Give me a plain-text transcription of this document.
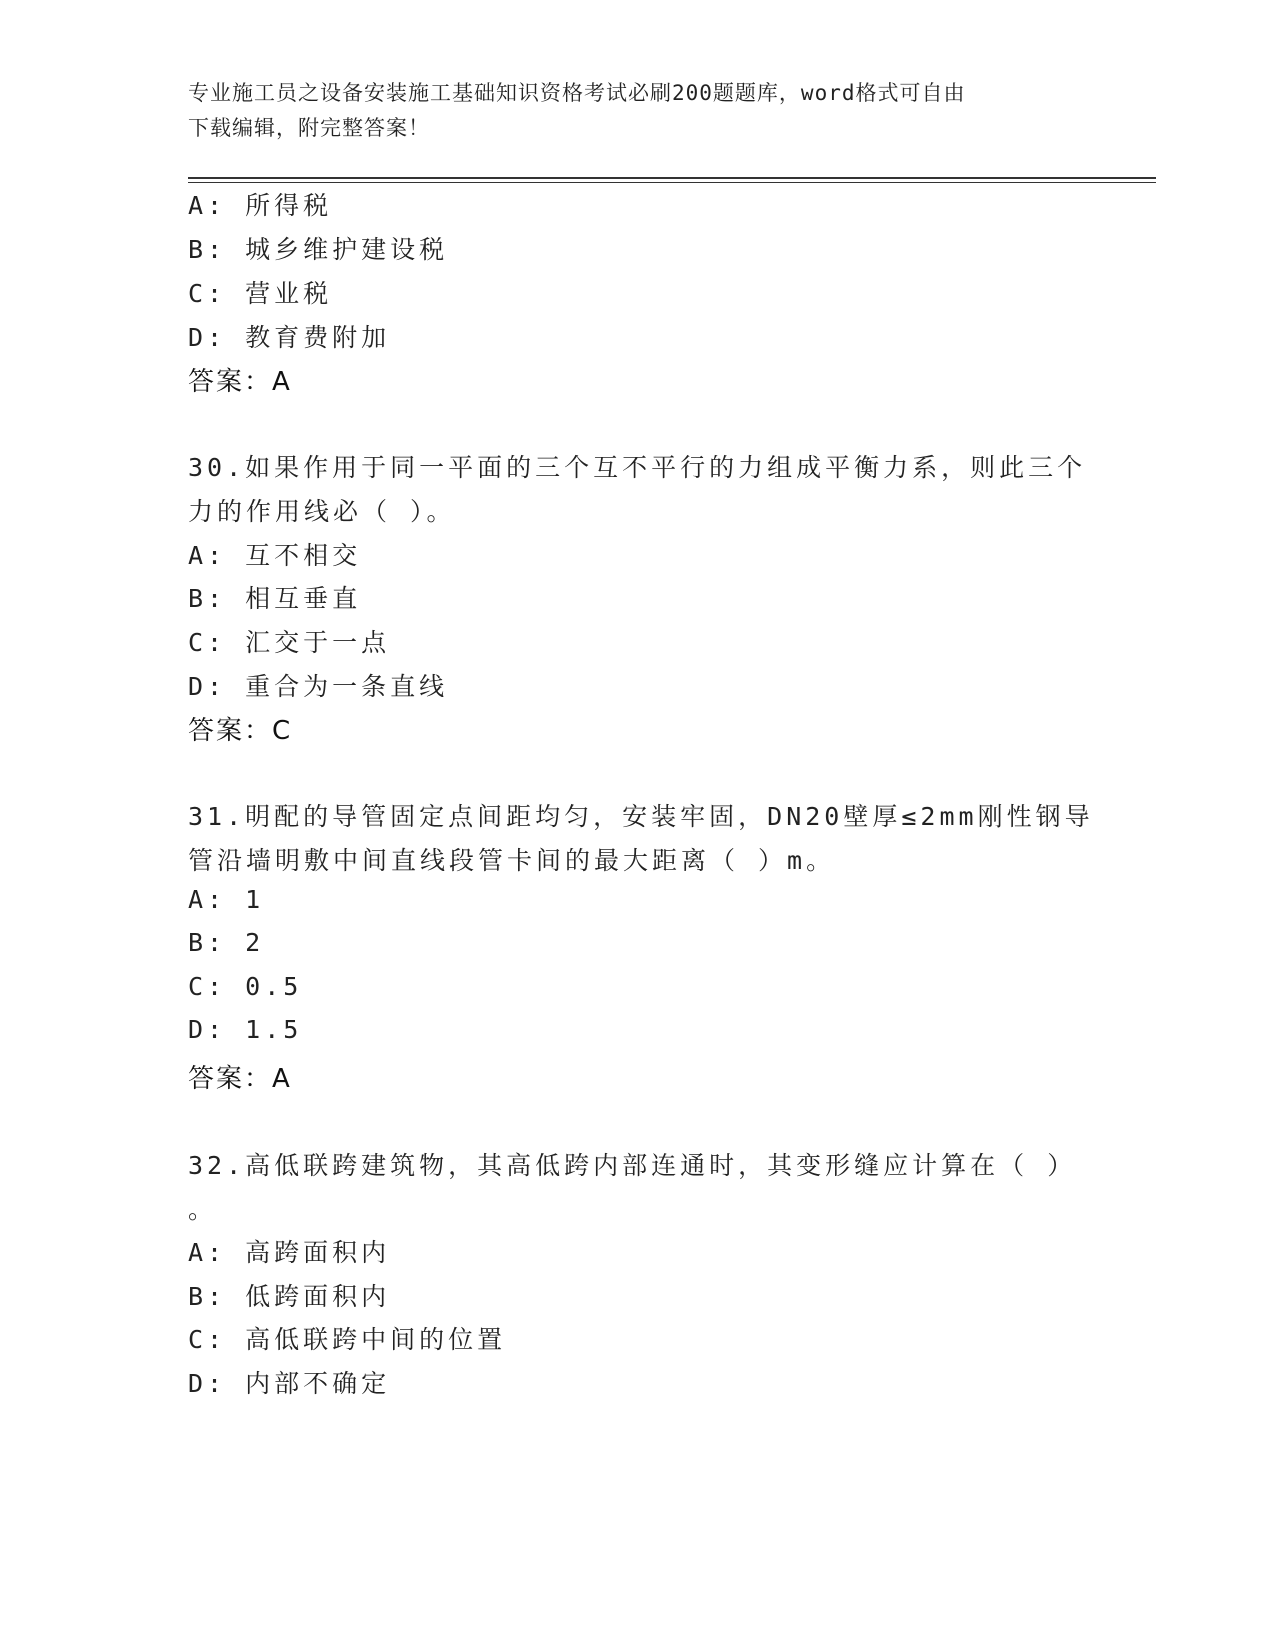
专业施工员之设备安装施工基础知识资格考试必刷200题题库，word格式可自由
下载编辑，附完整答案！
A: 所得税
B: 城乡维护建设税
C: 营业税
D: 教育费附加
答案：A
30.如果作用于同一平面的三个互不平行的力组成平衡力系，则此三个
力的作用线必（ ）。
A: 互不相交
B: 相互垂直
C: 汇交于一点
D: 重合为一条直线
答案：C
31.明配的导管固定点间距均匀，安装牢固，DN20壁厚≤2mm刚性钢导
管沿墙明敷中间直线段管卡间的最大距离（ ）m。
A: 1
B: 2
C: 0.5
D: 1.5
答案：A
32.高低联跨建筑物，其高低跨内部连通时，其变形缝应计算在（ ）
。
A: 高跨面积内
B: 低跨面积内
C: 高低联跨中间的位置
D: 内部不确定
